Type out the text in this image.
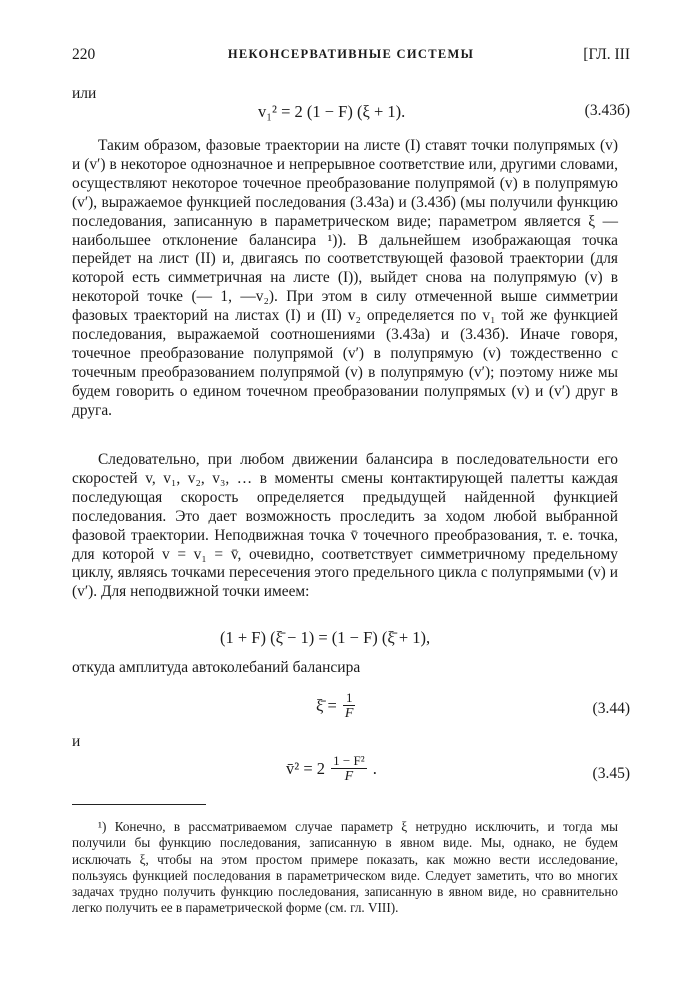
220	НЕКОНСЕРВАТИВНЫЕ СИСТЕМЫ	[ГЛ. III
или
v₁² = 2 (1 − F) (ξ + 1).	(3.43б)

Таким образом, фазовые траектории на листе (I) ставят точки полупрямых (v) и (v′) в некоторое однозначное и непрерывное соответствие или, другими словами, осуществляют некоторое точечное преобразование полупрямой (v) в полупрямую (v′), выражаемое функцией последования (3.43а) и (3.43б) (мы получили функцию последования, записанную в параметрическом виде; параметром является ξ — наибольшее отклонение балансира ¹)). В дальнейшем изображающая точка перейдет на лист (II) и, двигаясь по соответствующей фазовой траектории (для которой есть симметричная на листе (I)), выйдет снова на полупрямую (v) в некоторой точке (— 1, —v₂). При этом в силу отмеченной выше симметрии фазовых траекторий на листах (I) и (II) v₂ определяется по v₁ той же функцией последования, выражаемой соотношениями (3.43а) и (3.43б). Иначе говоря, точечное преобразование полупрямой (v′) в полупрямую (v) тождественно с точечным преобразованием полупрямой (v) в полупрямую (v′); поэтому ниже мы будем говорить о едином точечном преобразовании полупрямых (v) и (v′) друг в друга.

Следовательно, при любом движении балансира в последовательности его скоростей v, v₁, v₂, v₃, … в моменты смены контактирующей палетты каждая последующая скорость определяется предыдущей найденной функцией последования. Это дает возможность проследить за ходом любой выбранной фазовой траектории. Неподвижная точка v̄ точечного преобразования, т. е. точка, для которой v = v₁ = v̄, очевидно, соответствует симметричному предельному циклу, являясь точками пересечения этого предельного цикла с полупрямыми (v) и (v′). Для неподвижной точки имеем:

(1 + F) (ξ̄ − 1) = (1 − F) (ξ̄ + 1),
откуда амплитуда автоколебаний балансира
ξ̄ = $\frac{1}{F}$	(3.44)
и
v̄² = $2 \frac{\text{1 − F²}}{F}$ .	(3.45)

¹) Конечно, в рассматриваемом случае параметр ξ нетрудно исключить, и тогда мы получили бы функцию последования, записанную в явном виде. Мы, однако, не будем исключать ξ, чтобы на этом простом примере показать, как можно вести исследование, пользуясь функцией последования в параметрическом виде. Следует заметить, что во многих задачах трудно получить функцию последования, записанную в явном виде, но сравнительно легко получить ее в параметрической форме (см. гл. VIII).
